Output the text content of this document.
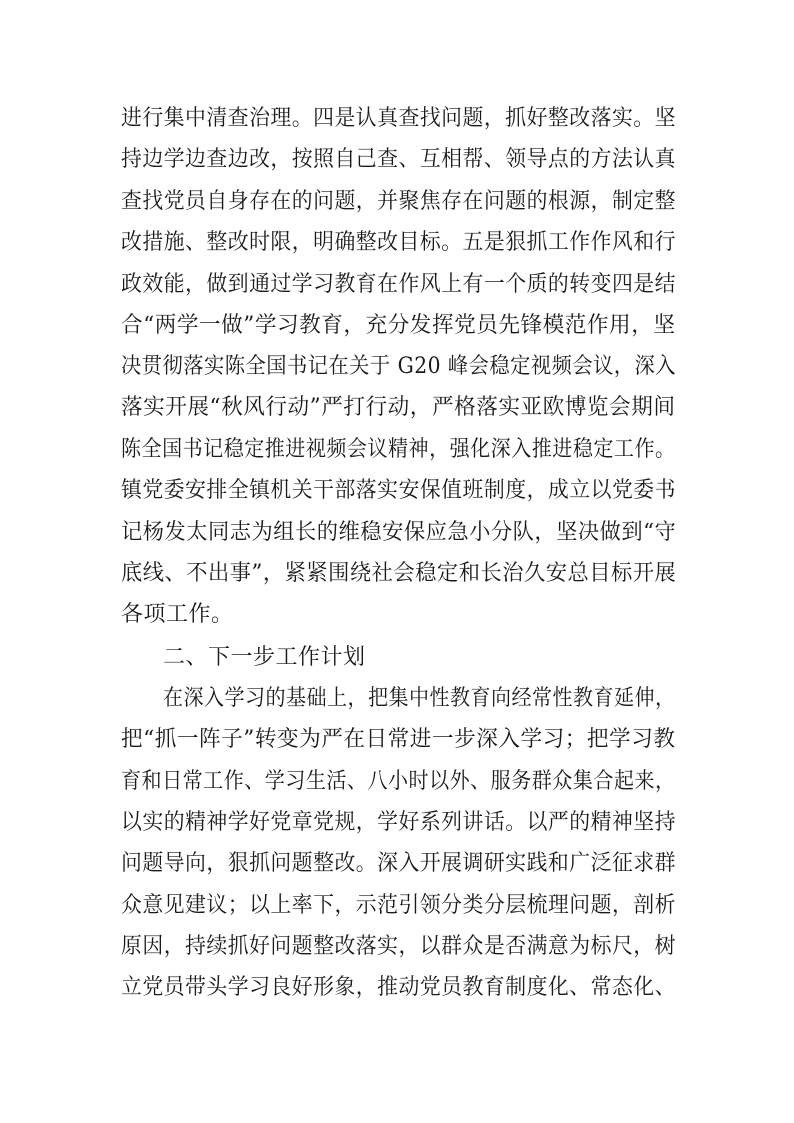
进行集中清查治理。四是认真查找问题，抓好整改落实。坚
持边学边查边改，按照自己查、互相帮、领导点的方法认真
查找党员自身存在的问题，并聚焦存在问题的根源，制定整
改措施、整改时限，明确整改目标。五是狠抓工作作风和行
政效能，做到通过学习教育在作风上有一个质的转变四是结
合“两学一做”学习教育，充分发挥党员先锋模范作用，坚
决贯彻落实陈全国书记在关于 G20 峰会稳定视频会议，深入
落实开展“秋风行动”严打行动，严格落实亚欧博览会期间
陈全国书记稳定推进视频会议精神，强化深入推进稳定工作。
镇党委安排全镇机关干部落实安保值班制度，成立以党委书
记杨发太同志为组长的维稳安保应急小分队，坚决做到“守
底线、不出事”，紧紧围绕社会稳定和长治久安总目标开展
各项工作。
二、下一步工作计划
在深入学习的基础上，把集中性教育向经常性教育延伸，
把“抓一阵子”转变为严在日常进一步深入学习；把学习教
育和日常工作、学习生活、八小时以外、服务群众集合起来，
以实的精神学好党章党规，学好系列讲话。以严的精神坚持
问题导向，狠抓问题整改。深入开展调研实践和广泛征求群
众意见建议；以上率下，示范引领分类分层梳理问题，剖析
原因，持续抓好问题整改落实，以群众是否满意为标尺，树
立党员带头学习良好形象，推动党员教育制度化、常态化、
